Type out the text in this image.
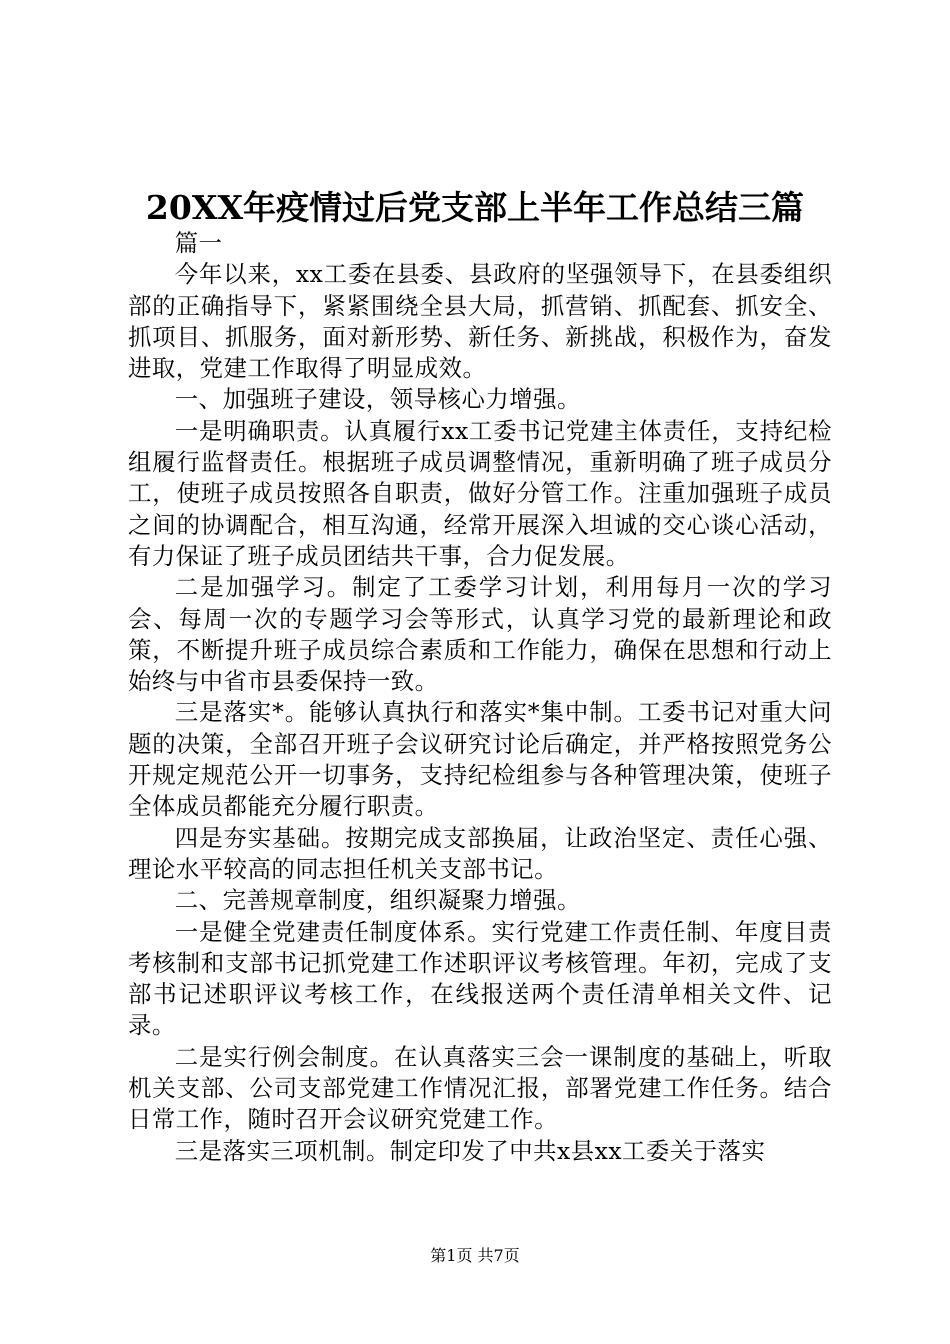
20XX年疫情过后党支部上半年工作总结三篇

篇一

今年以来，xx工委在县委、县政府的坚强领导下，在县委组织部的正确指导下，紧紧围绕全县大局，抓营销、抓配套、抓安全、抓项目、抓服务，面对新形势、新任务、新挑战，积极作为，奋发进取，党建工作取得了明显成效。

一、加强班子建设，领导核心力增强。

一是明确职责。认真履行xx工委书记党建主体责任，支持纪检组履行监督责任。根据班子成员调整情况，重新明确了班子成员分工，使班子成员按照各自职责，做好分管工作。注重加强班子成员之间的协调配合，相互沟通，经常开展深入坦诚的交心谈心活动，有力保证了班子成员团结共干事，合力促发展。

二是加强学习。制定了工委学习计划，利用每月一次的学习会、每周一次的专题学习会等形式，认真学习党的最新理论和政策，不断提升班子成员综合素质和工作能力，确保在思想和行动上始终与中省市县委保持一致。

三是落实*。能够认真执行和落实*集中制。工委书记对重大问题的决策，全部召开班子会议研究讨论后确定，并严格按照党务公开规定规范公开一切事务，支持纪检组参与各种管理决策，使班子全体成员都能充分履行职责。

四是夯实基础。按期完成支部换届，让政治坚定、责任心强、理论水平较高的同志担任机关支部书记。

二、完善规章制度，组织凝聚力增强。

一是健全党建责任制度体系。实行党建工作责任制、年度目责考核制和支部书记抓党建工作述职评议考核管理。年初，完成了支部书记述职评议考核工作，在线报送两个责任清单相关文件、记录。

二是实行例会制度。在认真落实三会一课制度的基础上，听取机关支部、公司支部党建工作情况汇报，部署党建工作任务。结合日常工作，随时召开会议研究党建工作。

三是落实三项机制。制定印发了中共x县xx工委关于落实

第1页 共7页
